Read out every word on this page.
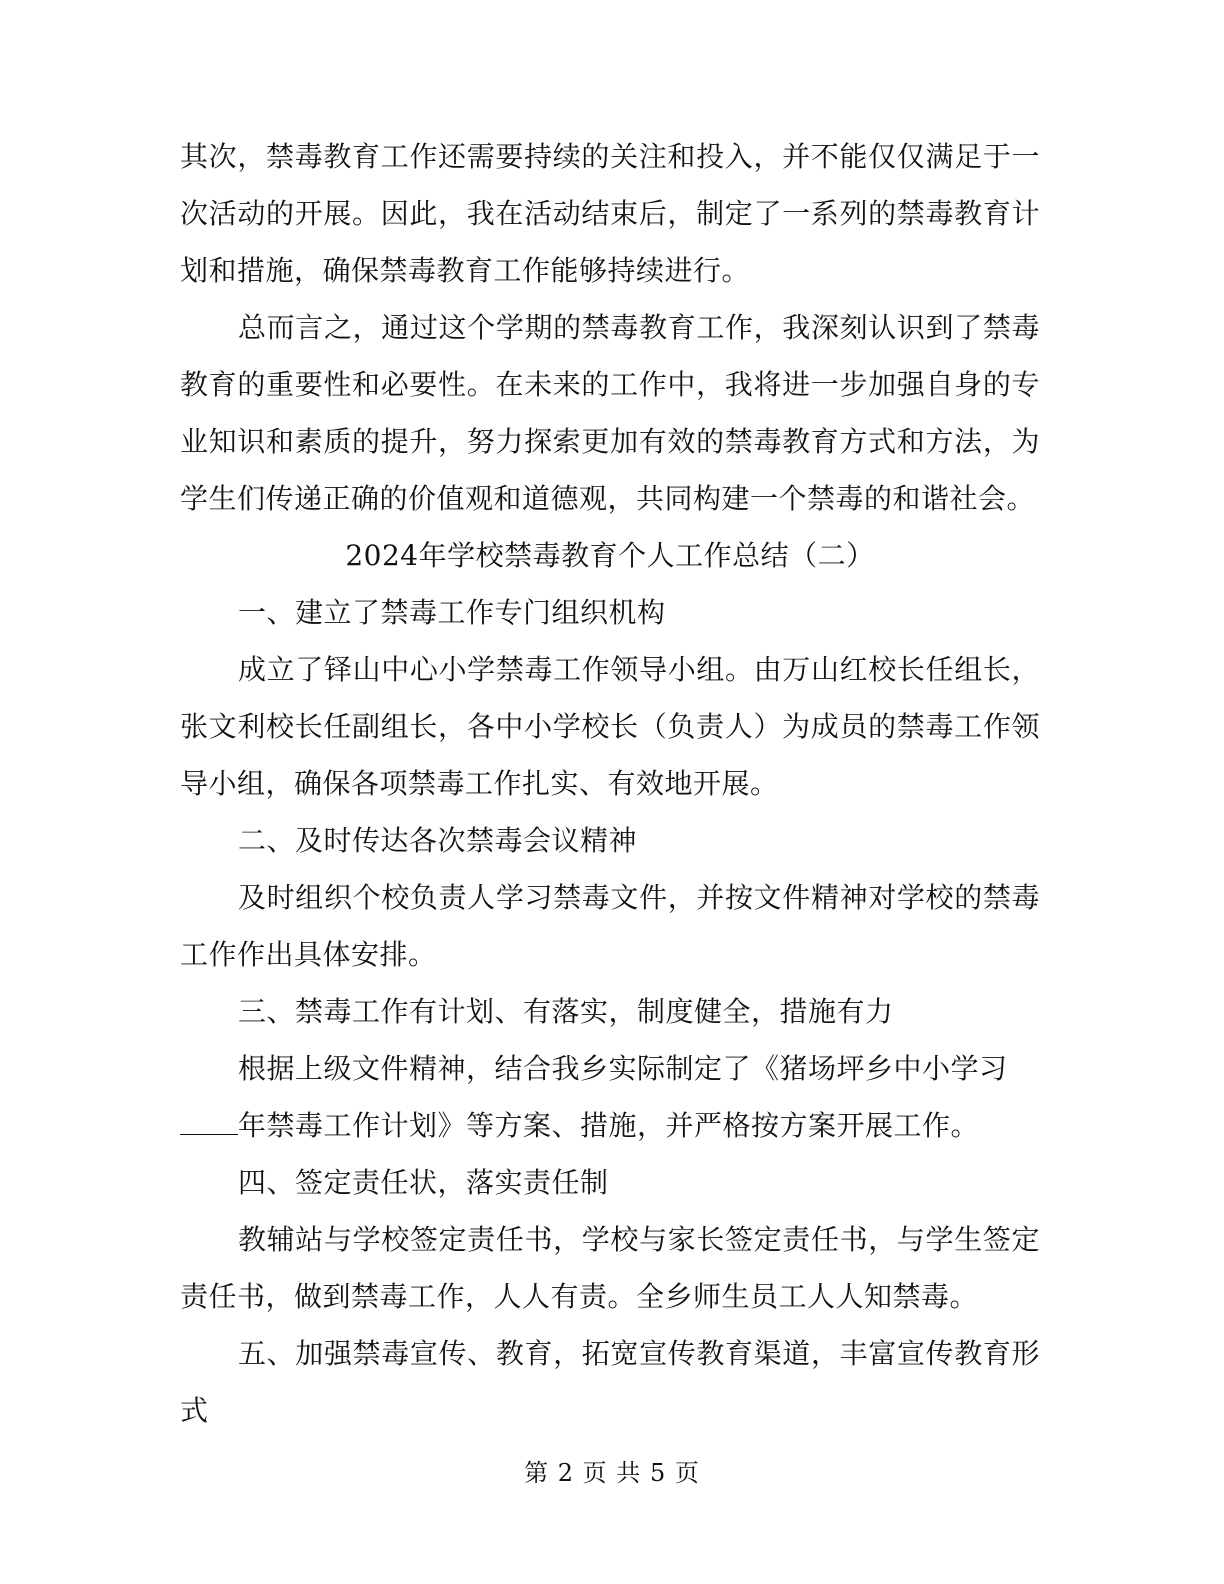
其次，禁毒教育工作还需要持续的关注和投入，并不能仅仅满足于一次活动的开展。因此，我在活动结束后，制定了一系列的禁毒教育计划和措施，确保禁毒教育工作能够持续进行。

总而言之，通过这个学期的禁毒教育工作，我深刻认识到了禁毒教育的重要性和必要性。在未来的工作中，我将进一步加强自身的专业知识和素质的提升，努力探索更加有效的禁毒教育方式和方法，为学生们传递正确的价值观和道德观，共同构建一个禁毒的和谐社会。

2024年学校禁毒教育个人工作总结（二）

一、建立了禁毒工作专门组织机构

成立了铎山中心小学禁毒工作领导小组。由万山红校长任组长，张文利校长任副组长，各中小学校长（负责人）为成员的禁毒工作领导小组，确保各项禁毒工作扎实、有效地开展。

二、及时传达各次禁毒会议精神

及时组织个校负责人学习禁毒文件，并按文件精神对学校的禁毒工作作出具体安排。

三、禁毒工作有计划、有落实，制度健全，措施有力

根据上级文件精神，结合我乡实际制定了《猪场坪乡中小学习

年禁毒工作计划》等方案、措施，并严格按方案开展工作。

四、签定责任状，落实责任制

教辅站与学校签定责任书，学校与家长签定责任书，与学生签定责任书，做到禁毒工作，人人有责。全乡师生员工人人知禁毒。

五、加强禁毒宣传、教育，拓宽宣传教育渠道，丰富宣传教育形式

第 2 页 共 5 页
